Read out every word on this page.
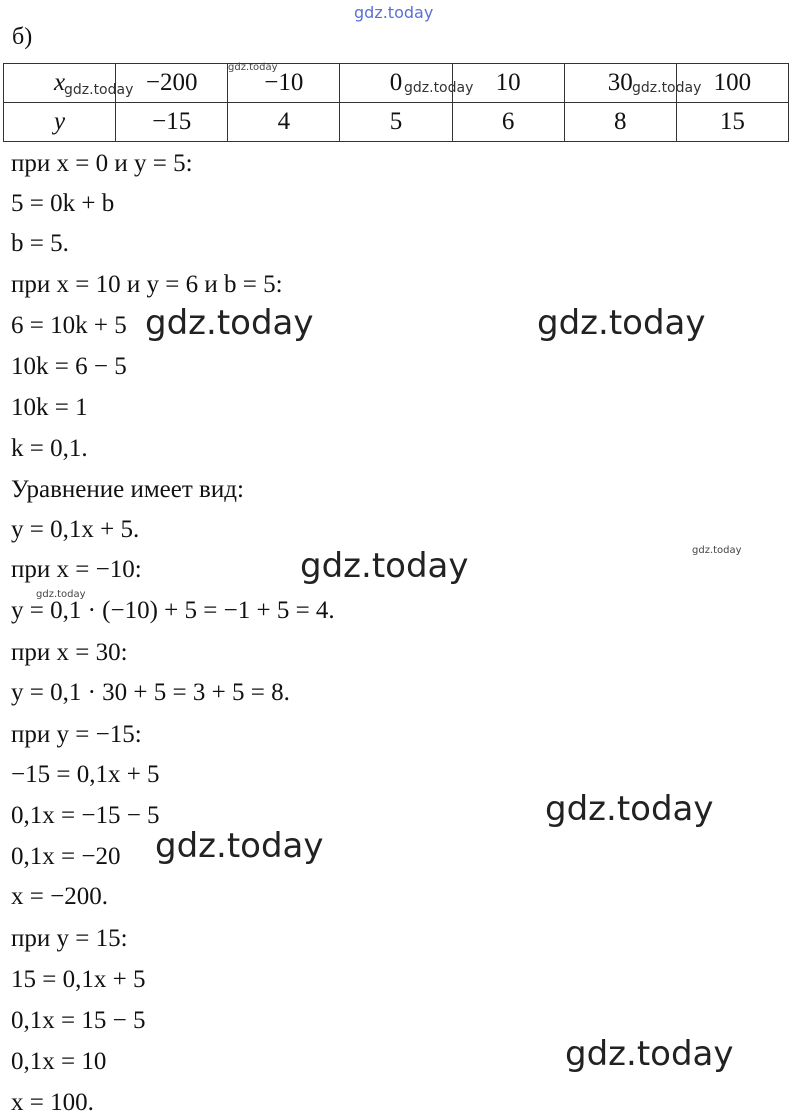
gdz.today
б)
x	−200	−10	0	10	30	100
y	−15	4	5	6	8	15
gdz.today
gdz.today
gdz.today	gdz.today
при x = 0 и y = 5:
5 = 0k + b
b = 5.
при x = 10 и y = 6 и b = 5:
6 = 10k + 5
10k = 6 − 5
10k = 1
k = 0,1.
Уравнение имеет вид:
y = 0,1x + 5.
при x = −10:
y = 0,1 · (−10) + 5 = −1 + 5 = 4.
при x = 30:
y = 0,1 · 30 + 5 = 3 + 5 = 8.
при y = −15:
−15 = 0,1x + 5
0,1x = −15 − 5
0,1x = −20
x = −200.
при y = 15:
15 = 0,1x + 5
0,1x = 15 − 5
0,1x = 10
x = 100.
gdz.today	gdz.today
gdz.today	gdz.today
gdz.today
gdz.today
gdz.today
gdz.today
